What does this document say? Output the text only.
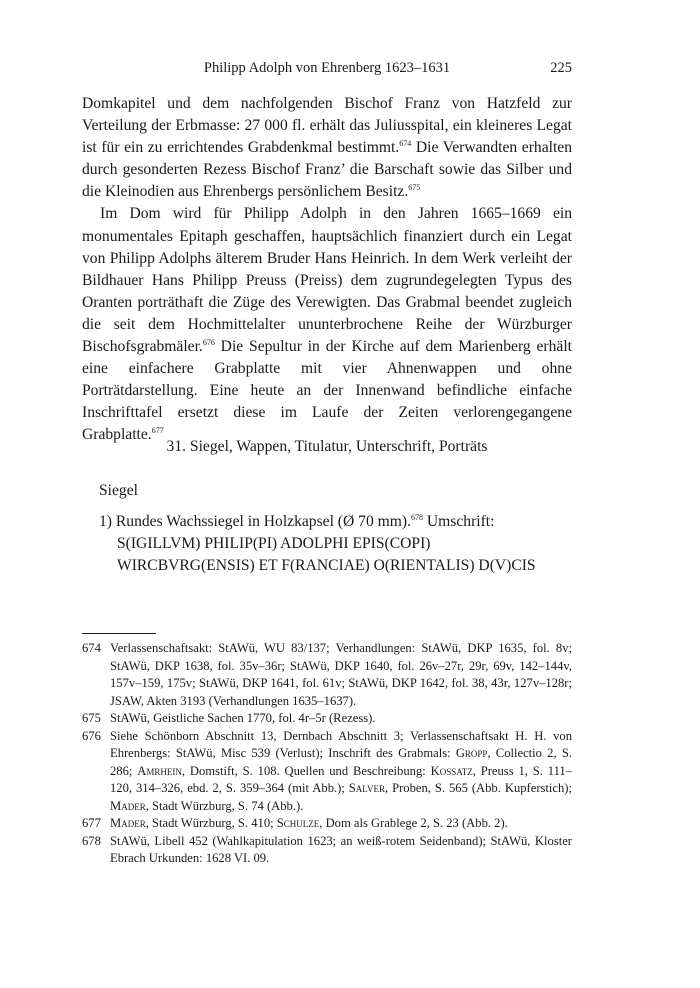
Philipp Adolph von Ehrenberg 1623–1631	225

Domkapitel und dem nachfolgenden Bischof Franz von Hatzfeld zur Verteilung der Erbmasse: 27 000 fl. erhält das Juliusspital, ein kleineres Legat ist für ein zu errichtendes Grabdenkmal bestimmt.$^{674}$ Die Verwandten erhalten durch gesonderten Rezess Bischof Franz’ die Barschaft sowie das Silber und die Kleinodien aus Ehrenbergs persönlichem Besitz.$^{675}$

Im Dom wird für Philipp Adolph in den Jahren 1665–1669 ein monumentales Epitaph geschaffen, hauptsächlich finanziert durch ein Legat von Philipp Adolphs älterem Bruder Hans Heinrich. In dem Werk verleiht der Bildhauer Hans Philipp Preuss (Preiss) dem zugrundegelegten Typus des Oranten porträthaft die Züge des Verewigten. Das Grabmal beendet zugleich die seit dem Hochmittelalter ununterbrochene Reihe der Würzburger Bischofsgrabmäler.$^{676}$ Die Sepultur in der Kirche auf dem Marienberg erhält eine einfachere Grabplatte mit vier Ahnenwappen und ohne Porträtdarstellung. Eine heute an der Innenwand befindliche einfache Inschrifttafel ersetzt diese im Laufe der Zeiten verlorengegangene Grabplatte.$^{677}$

31. Siegel, Wappen, Titulatur, Unterschrift, Porträts
Siegel
1) Rundes Wachssiegel in Holzkapsel (Ø 70 mm).$^{678}$ Umschrift:
S(IGILLVM) PHILIP(PI) ADOLPHI EPIS(COPI)
WIRCBVRG(ENSIS) ET F(RANCIAE) O(RIENTALIS) D(V)CIS
674 Verlassenschaftsakt: StAWü, WU 83/137; Verhandlungen: StAWü, DKP 1635, fol. 8v; StAWü, DKP 1638, fol. 35v–36r; StAWü, DKP 1640, fol. 26v–27r, 29r, 69v, 142–144v, 157v–159, 175v; StAWü, DKP 1641, fol. 61v; StAWü, DKP 1642, fol. 38, 43r, 127v–128r; JSAW, Akten 3193 (Verhandlungen 1635–1637).
675 StAWü, Geistliche Sachen 1770, fol. 4r–5r (Rezess).
676 Siehe Schönborn Abschnitt 13, Dernbach Abschnitt 3; Verlassenschaftsakt H. H. von Ehrenbergs: StAWü, Misc 539 (Verlust); Inschrift des Grabmals: Gropp, Collectio 2, S. 286; Amrhein, Domstift, S. 108. Quellen und Beschreibung: Kossatz, Preuss 1, S. 111–120, 314–326, ebd. 2, S. 359–364 (mit Abb.); Salver, Proben, S. 565 (Abb. Kupferstich); Mader, Stadt Würzburg, S. 74 (Abb.).
677 Mader, Stadt Würzburg, S. 410; Schulze, Dom als Grablege 2, S. 23 (Abb. 2).
678 StAWü, Libell 452 (Wahlkapitulation 1623; an weiß-rotem Seidenband); StAWü, Kloster Ebrach Urkunden: 1628 VI. 09.
